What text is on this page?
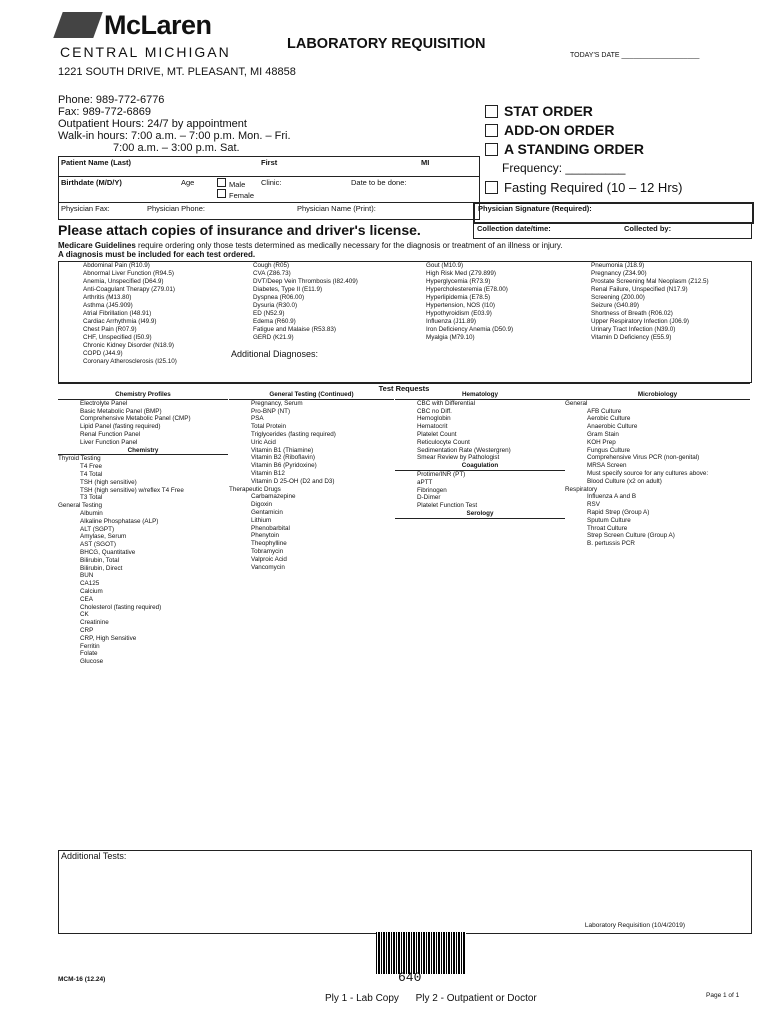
McLaren
CENTRAL MICHIGAN	LABORATORY REQUISITION
TODAY'S DATE ____________________
1221 SOUTH DRIVE, MT. PLEASANT, MI 48858
Phone: 989-772-6776
Fax: 989-772-6869
Outpatient Hours: 24/7 by appointment
Walk-in hours: 7:00 a.m. – 7:00 p.m. Mon. – Fri.
7:00 a.m. – 3:00 p.m. Sat.
STAT ORDER
ADD-ON ORDER
A STANDING ORDER
Frequency: _________
Fasting Required (10 – 12 Hrs)
Patient Name (Last)	First	MI
Birthdate (M/D/Y)	Age	Male
Female
Clinic:	Date to be done:
Physician Fax:	Physician Phone:	Physician Name (Print):	Physician Signature (Required):
Please attach copies of insurance and driver's license.	Collection date/time:	Collected by:
Medicare Guidelines require ordering only those tests determined as medically necessary for the diagnosis or treatment of an illness or injury.
A diagnosis must be included for each test ordered.
Abdominal Pain (R10.9)
Abnormal Liver Function (R94.5)
Anemia, Unspecified (D64.9)
Anti-Coagulant Therapy (Z79.01)
Arthritis (M13.80)
Asthma (J45.909)
Atrial Fibrillation (I48.91)
Cardiac Arrhythmia (I49.9)
Chest Pain (R07.9)
CHF, Unspecified (I50.9)
Chronic Kidney Disorder (N18.9)
COPD (J44.9)
Coronary Atherosclerosis (I25.10)
Cough (R05)
CVA (Z86.73)
DVT/Deep Vein Thrombosis (I82.409)
Diabetes, Type II (E11.9)
Dyspnea (R06.00)
Dysuria (R30.0)
ED (N52.9)
Edema (R60.9)
Fatigue and Malaise (R53.83)
GERD (K21.9)
Gout (M10.9)
High Risk Med (Z79.899)
Hyperglycemia (R73.9)
Hypercholesteremia (E78.00)
Hyperlipidemia (E78.5)
Hypertension, NOS (I10)
Hypothyroidism (E03.9)
Influenza (J11.89)
Iron Deficiency Anemia (D50.9)
Myalgia (M79.10)
Pneumonia (J18.9)
Pregnancy (Z34.90)
Prostate Screening Mal Neoplasm (Z12.5)
Renal Failure, Unspecified (N17.9)
Screening (Z00.00)
Seizure (G40.89)
Shortness of Breath (R06.02)
Upper Respiratory Infection (J06.9)
Urinary Tract Infection (N39.0)
Vitamin D Deficiency (E55.9)
Additional Diagnoses:
Test Requests
Chemistry Profiles
Electrolyte Panel
Basic Metabolic Panel (BMP)
Comprehensive Metabolic Panel (CMP)
Lipid Panel (fasting required)
Renal Function Panel
Liver Function Panel
Chemistry
Thyroid Testing
T4 Free
T4 Total
TSH (high sensitive)
TSH (high sensitive) w/reflex T4 Free
T3 Total
General Testing
Albumin
Alkaline Phosphatase (ALP)
ALT (SGPT)
Amylase, Serum
AST (SGOT)
BHCG, Quantitative
Bilirubin, Total
Bilirubin, Direct
BUN
CA125
Calcium
CEA
Cholesterol (fasting required)
CK
Creatinine
CRP
CRP, High Sensitive
Ferritin
Folate
Glucose
General Testing (Continued)
Pregnancy, Serum
Pro-BNP (NT)
PSA
Total Protein
Triglycerides (fasting required)
Uric Acid
Vitamin B1 (Thiamine)
Vitamin B2 (Riboflavin)
Vitamin B6 (Pyridoxine)
Vitamin B12
Vitamin D 25-OH (D2 and D3)
Therapeutic Drugs
Carbamazepine
Digoxin
Gentamicin
Lithium
Phenobarbital
Phenytoin
Theophylline
Tobramycin
Valproic Acid
Vancomycin
Hematology
CBC with Differential
CBC no Diff.
Hemoglobin
Hematocrit
Platelet Count
Reticulocyte Count
Sedimentation Rate (Westergren)
Smear Review by Pathologist
Coagulation
Protime/INR (PT)
aPTT
Fibrinogen
D-Dimer
Platelet Function Test
Serology
Microbiology
General
AFB Culture
Aerobic Culture
Anaerobic Culture
Gram Stain
KOH Prep
Fungus Culture
Comprehensive Virus PCR (non-genital)
MRSA Screen
Must specify source for any cultures above:
Blood Culture (x2 on adult)
Respiratory
Influenza A and B
RSV
Rapid Strep (Group A)
Sputum Culture
Throat Culture
Strep Screen Culture (Group A)
B. pertussis PCR
Additional Tests:
Laboratory Requisition (10/4/2019)
640
MCM-16 (12.24)
Ply 1 - Lab Copy      Ply 2 - Outpatient or Doctor	Page 1 of 1
